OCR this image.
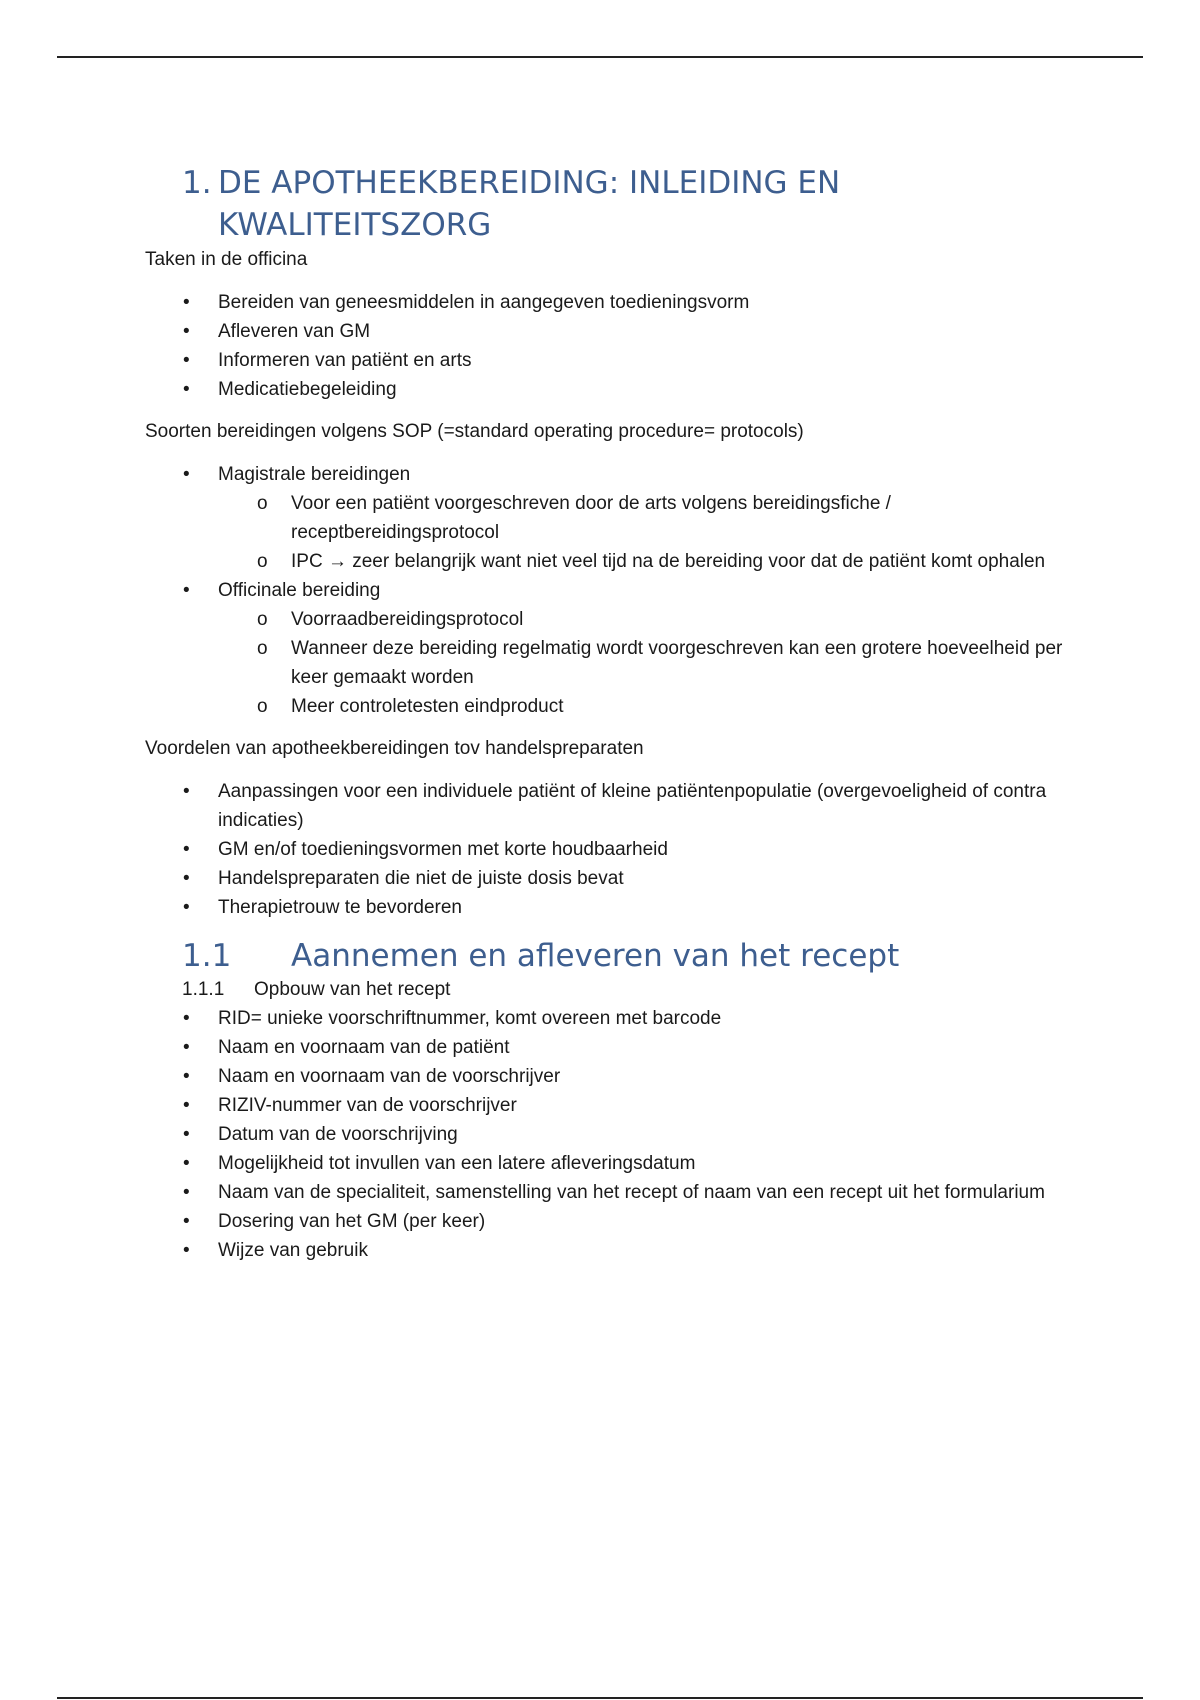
1. DE APOTHEEKBEREIDING: INLEIDING EN
KWALITEITSZORG

Taken in de officina

• Bereiden van geneesmiddelen in aangegeven toedieningsvorm
• Afleveren van GM
• Informeren van patiënt en arts
• Medicatiebegeleiding

Soorten bereidingen volgens SOP (=standard operating procedure= protocols)

• Magistrale bereidingen
o Voor een patiënt voorgeschreven door de arts volgens bereidingsfiche / receptbereidingsprotocol
o IPC → zeer belangrijk want niet veel tijd na de bereiding voor dat de patiënt komt ophalen
• Officinale bereiding
o Voorraadbereidingsprotocol
o Wanneer deze bereiding regelmatig wordt voorgeschreven kan een grotere hoeveelheid per keer gemaakt worden
o Meer controletesten eindproduct

Voordelen van apotheekbereidingen tov handelspreparaten

• Aanpassingen voor een individuele patiënt of kleine patiëntenpopulatie (overgevoeligheid of contra indicaties)
• GM en/of toedieningsvormen met korte houdbaarheid
• Handelspreparaten die niet de juiste dosis bevat
• Therapietrouw te bevorderen
1.1	Aannemen en afleveren van het recept
1.1.1	Opbouw van het recept
• RID= unieke voorschriftnummer, komt overeen met barcode
• Naam en voornaam van de patiënt
• Naam en voornaam van de voorschrijver
• RIZIV-nummer van de voorschrijver
• Datum van de voorschrijving
• Mogelijkheid tot invullen van een latere afleveringsdatum
• Naam van de specialiteit, samenstelling van het recept of naam van een recept uit het formularium
• Dosering van het GM (per keer)
• Wijze van gebruik
